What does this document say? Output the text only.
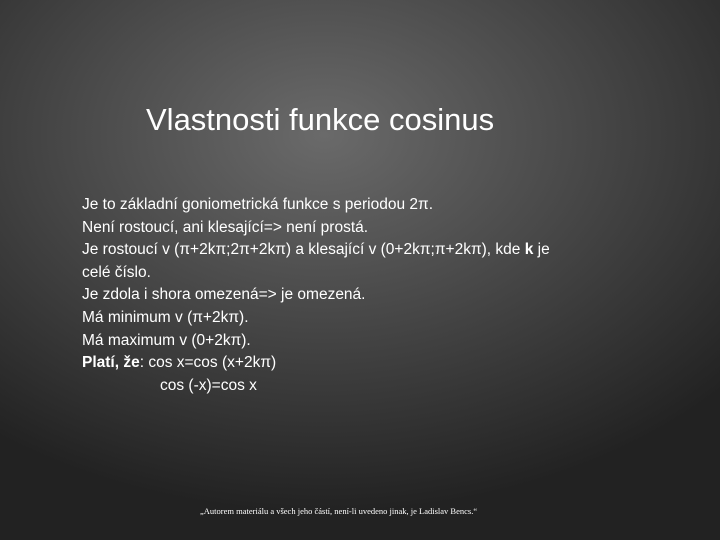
Vlastnosti funkce cosinus
Je to základní goniometrická funkce s periodou 2π.
Není rostoucí, ani klesající=> není prostá.
Je rostoucí v (π+2kπ;2π+2kπ) a klesající v (0+2kπ;π+2kπ), kde k je
celé číslo.
Je zdola i shora omezená=> je omezená.
Má minimum v (π+2kπ).
Má maximum v (0+2kπ).
Platí, že: cos x=cos (x+2kπ)
cos (-x)=cos x
„Autorem materiálu a všech jeho částí, není-li uvedeno jinak, je Ladislav Bencs.“
